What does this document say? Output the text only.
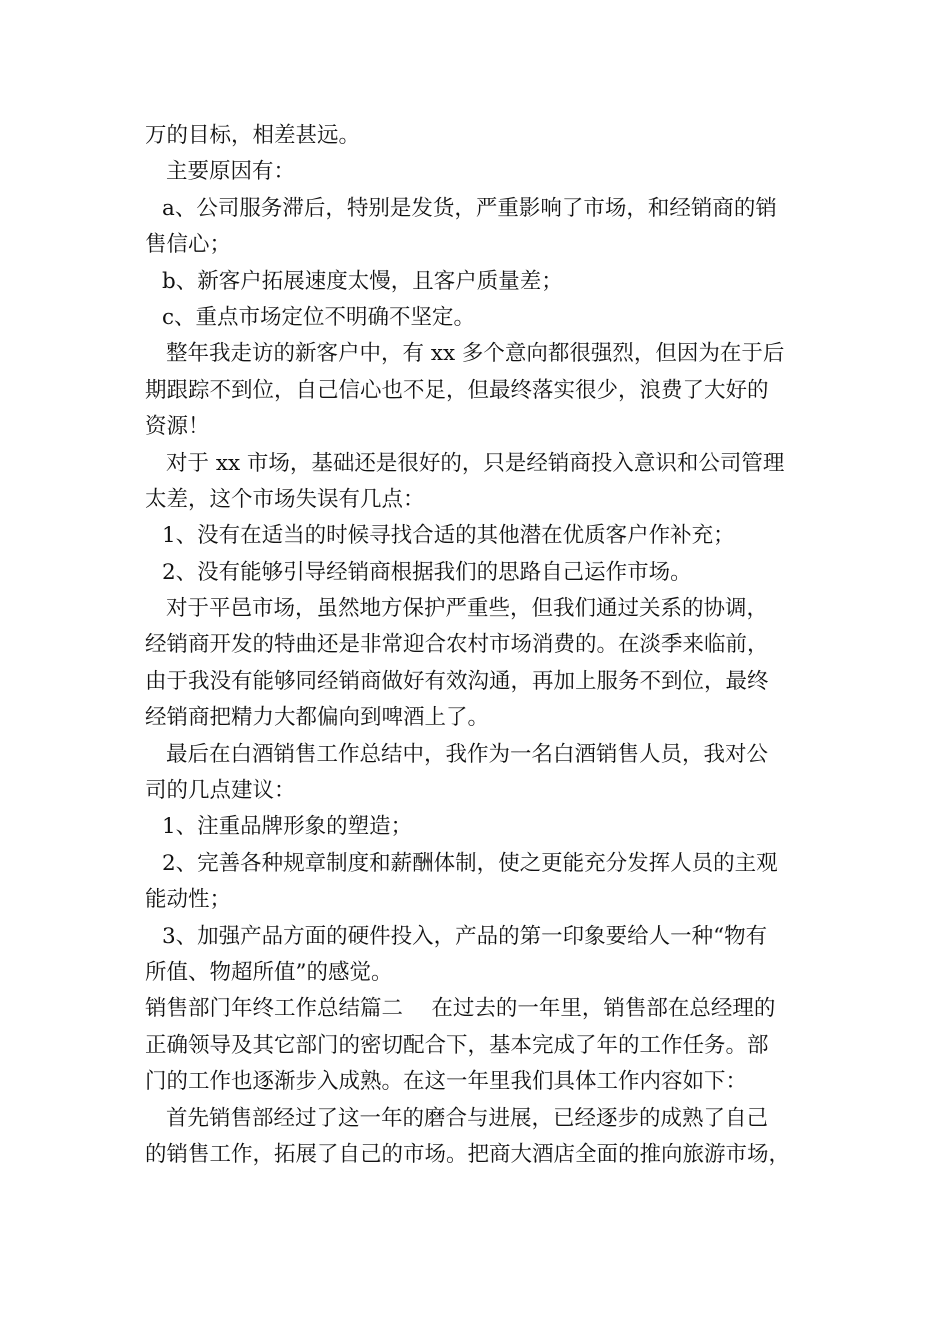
万的目标，相差甚远。
主要原因有：
a、公司服务滞后，特别是发货，严重影响了市场，和经销商的销
售信心；
b、新客户拓展速度太慢，且客户质量差；
c、重点市场定位不明确不坚定。
整年我走访的新客户中，有 xx 多个意向都很强烈，但因为在于后
期跟踪不到位，自己信心也不足，但最终落实很少，浪费了大好的
资源！
对于 xx 市场，基础还是很好的，只是经销商投入意识和公司管理
太差，这个市场失误有几点：
1、没有在适当的时候寻找合适的其他潜在优质客户作补充；
2、没有能够引导经销商根据我们的思路自己运作市场。
对于平邑市场，虽然地方保护严重些，但我们通过关系的协调，
经销商开发的特曲还是非常迎合农村市场消费的。在淡季来临前，
由于我没有能够同经销商做好有效沟通，再加上服务不到位，最终
经销商把精力大都偏向到啤酒上了。
最后在白酒销售工作总结中，我作为一名白酒销售人员，我对公
司的几点建议：
1、注重品牌形象的塑造；
2、完善各种规章制度和薪酬体制，使之更能充分发挥人员的主观
能动性；
3、加强产品方面的硬件投入，产品的第一印象要给人一种“物有
所值、物超所值”的感觉。
销售部门年终工作总结篇二　 在过去的一年里，销售部在总经理的
正确领导及其它部门的密切配合下，基本完成了年的工作任务。部
门的工作也逐渐步入成熟。在这一年里我们具体工作内容如下：
首先销售部经过了这一年的磨合与进展，已经逐步的成熟了自己
的销售工作，拓展了自己的市场。把商大酒店全面的推向旅游市场，
